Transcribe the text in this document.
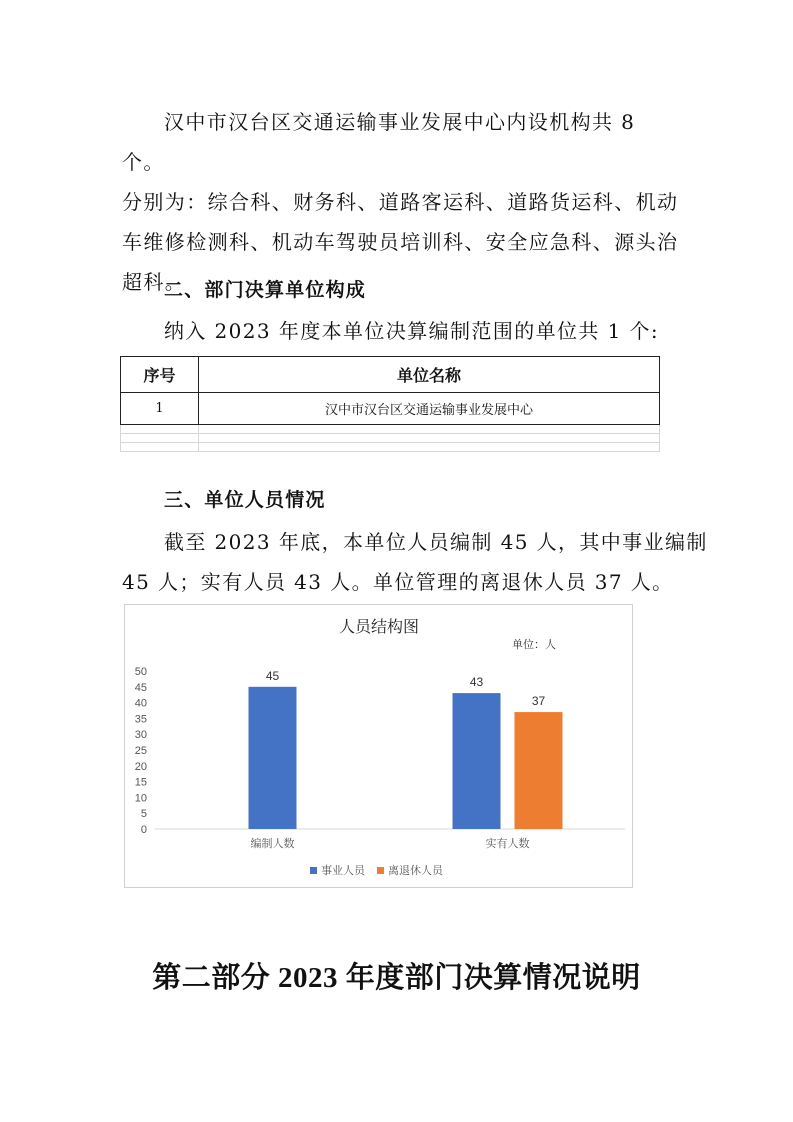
汉中市汉台区交通运输事业发展中心内设机构共 8 个。
分别为：综合科、财务科、道路客运科、道路货运科、机动
车维修检测科、机动车驾驶员培训科、安全应急科、源头治
超科。
二、部门决算单位构成
纳入 2023 年度本单位决算编制范围的单位共 1 个:
序号	单位名称
1	汉中市汉台区交通运输事业发展中心

三、单位人员情况
截至 2023 年底，本单位人员编制 45 人，其中事业编制
45 人；实有人员 43 人。单位管理的离退休人员 37 人。
人员结构图
单位：人
0
5
10
15
20
25
30
35
40
45
50	45	43
37
编制人数	实有人数
事业人员 离退休人员
第二部分 2023 年度部门决算情况说明
